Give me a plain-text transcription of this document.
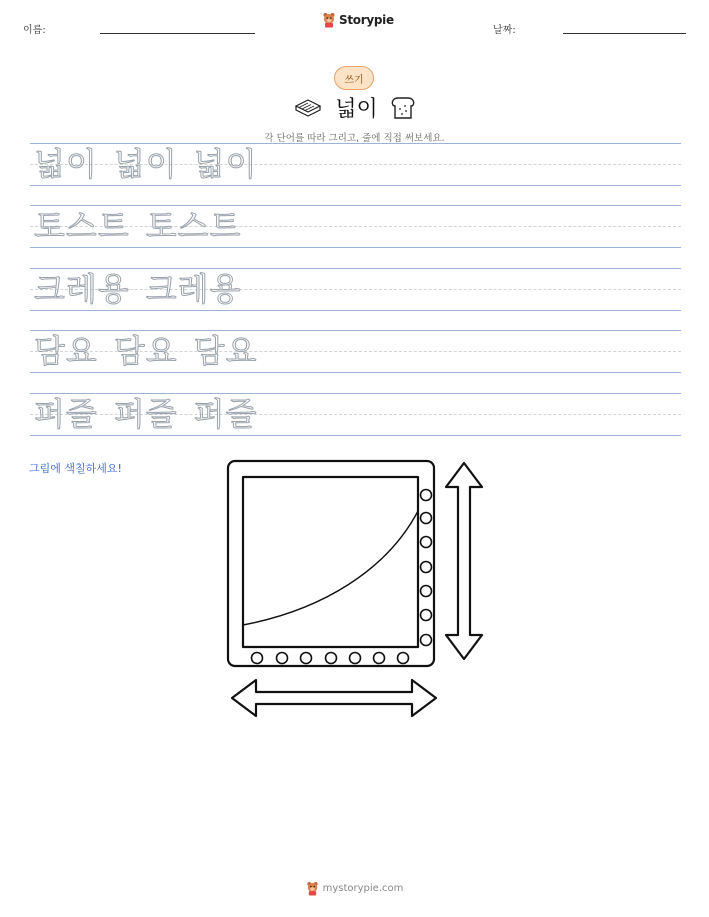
이름:
Storypie
날짜:
쓰기
넓이
각 단어를 따라 그리고, 줄에 직접 써보세요.
넓이 넓이 넓이
토스트 토스트
크레용 크레용
담요 담요 담요
퍼즐 퍼즐 퍼즐
그림에 색칠하세요!
mystorypie.com
